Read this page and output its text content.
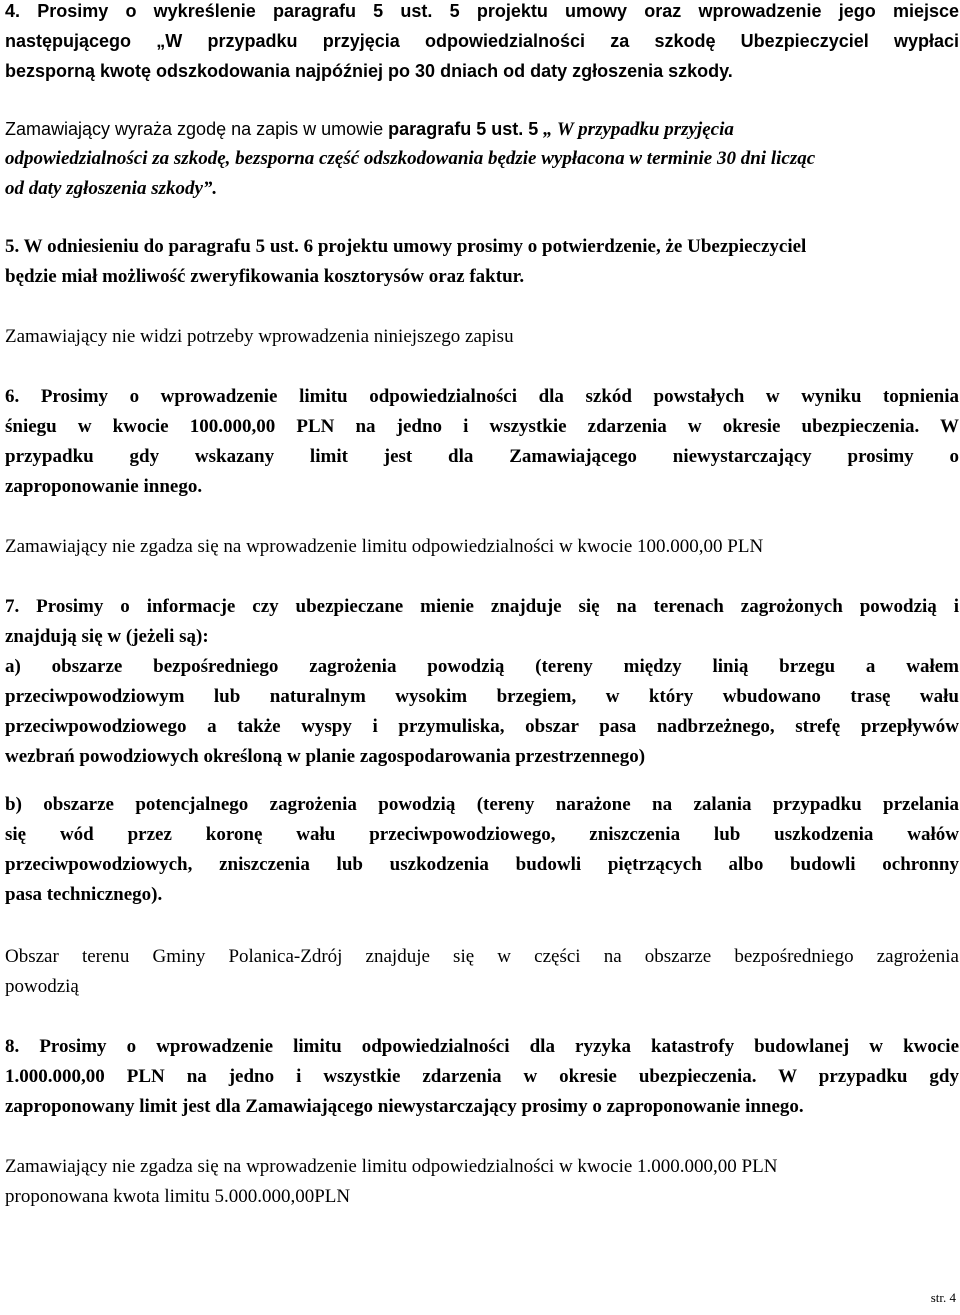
4. Prosimy o wykreślenie paragrafu 5 ust. 5 projektu umowy oraz wprowadzenie jego miejsce
następującego „W przypadku przyjęcia odpowiedzialności za szkodę Ubezpieczyciel wypłaci
bezsporną kwotę odszkodowania najpóźniej po 30 dniach od daty zgłoszenia szkody.
Zamawiający wyraża zgodę na zapis w umowie paragrafu 5 ust. 5 „ W przypadku przyjęcia
odpowiedzialności za szkodę, bezsporna część odszkodowania będzie wypłacona w terminie 30 dni licząc
od daty zgłoszenia szkody”.
5. W odniesieniu do paragrafu 5 ust. 6 projektu umowy prosimy o potwierdzenie, że Ubezpieczyciel
będzie miał możliwość zweryfikowania kosztorysów oraz faktur.
Zamawiający nie widzi potrzeby wprowadzenia niniejszego zapisu
6. Prosimy o wprowadzenie limitu odpowiedzialności dla szkód powstałych w wyniku topnienia
śniegu w kwocie 100.000,00 PLN na jedno i wszystkie zdarzenia w okresie ubezpieczenia. W
przypadku gdy wskazany limit jest dla Zamawiającego niewystarczający prosimy o
zaproponowanie innego.
Zamawiający nie zgadza się na wprowadzenie limitu odpowiedzialności w kwocie 100.000,00 PLN
7. Prosimy o informacje czy ubezpieczane mienie znajduje się na terenach zagrożonych powodzią i
znajdują się w (jeżeli są):
a) obszarze bezpośredniego zagrożenia powodzią (tereny między linią brzegu a wałem
przeciwpowodziowym lub naturalnym wysokim brzegiem, w który wbudowano trasę wału
przeciwpowodziowego a także wyspy i przymuliska, obszar pasa nadbrzeżnego, strefę przepływów
wezbrań powodziowych określoną w planie zagospodarowania przestrzennego)
b) obszarze potencjalnego zagrożenia powodzią (tereny narażone na zalania przypadku przelania
się wód przez koronę wału przeciwpowodziowego, zniszczenia lub uszkodzenia wałów
przeciwpowodziowych, zniszczenia lub uszkodzenia budowli piętrzących albo budowli ochronny
pasa technicznego).
Obszar terenu Gminy Polanica-Zdrój znajduje się w części na obszarze bezpośredniego zagrożenia
powodzią
8. Prosimy o wprowadzenie limitu odpowiedzialności dla ryzyka katastrofy budowlanej w kwocie
1.000.000,00 PLN na jedno i wszystkie zdarzenia w okresie ubezpieczenia. W przypadku gdy
zaproponowany limit jest dla Zamawiającego niewystarczający prosimy o zaproponowanie innego.
Zamawiający nie zgadza się na wprowadzenie limitu odpowiedzialności w kwocie 1.000.000,00 PLN
proponowana kwota limitu 5.000.000,00PLN
str. 4
